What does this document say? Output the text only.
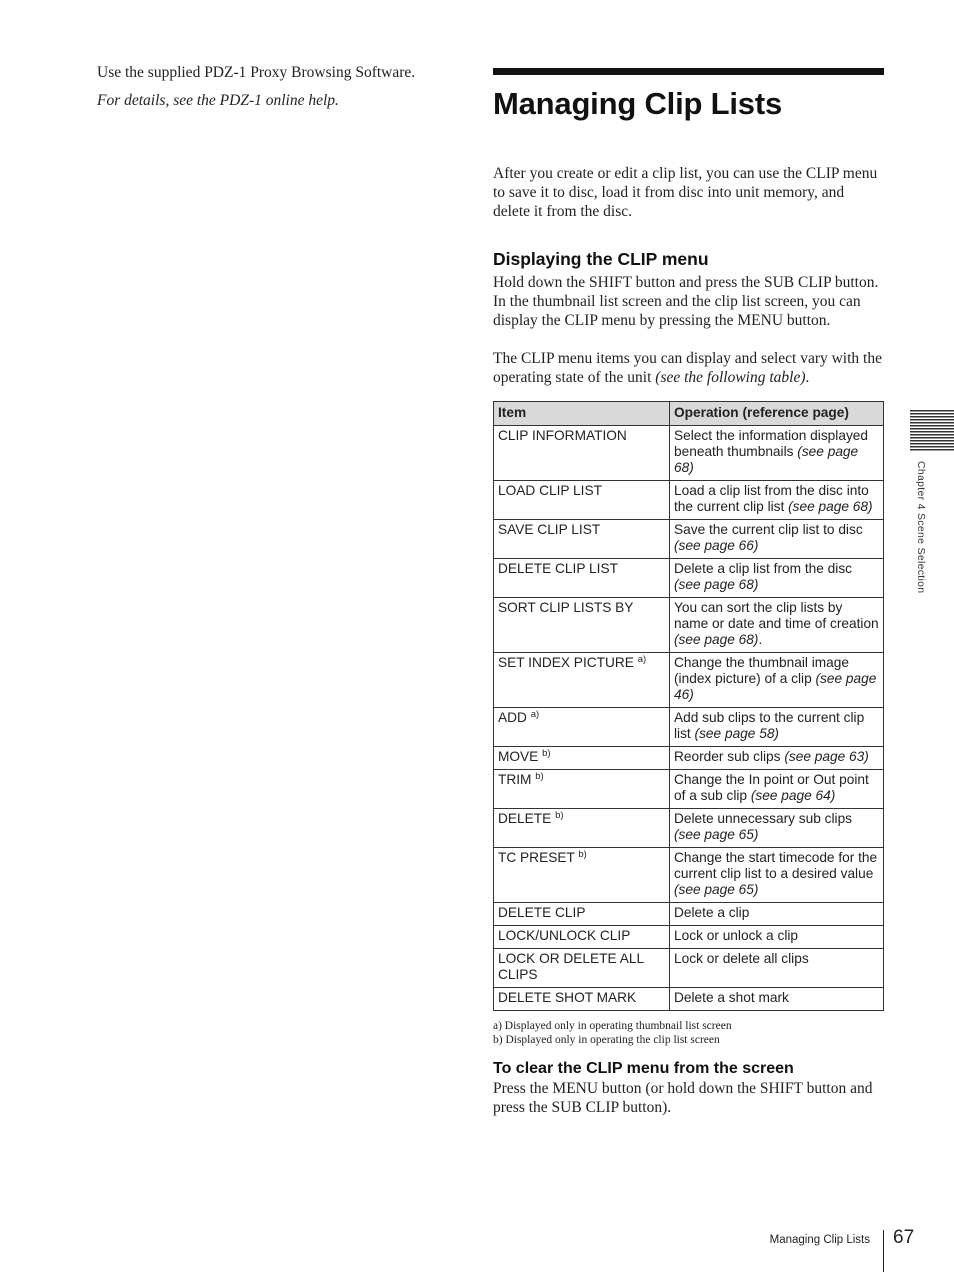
Use the supplied PDZ-1 Proxy Browsing Software.

For details, see the PDZ-1 online help.	Managing Clip Lists

After you create or edit a clip list, you can use the CLIP menu to save it to disc, load it from disc into unit memory, and delete it from the disc.

Displaying the CLIP menu

Hold down the SHIFT button and press the SUB CLIP button.

In the thumbnail list screen and the clip list screen, you can display the CLIP menu by pressing the MENU button.

The CLIP menu items you can display and select vary with the operating state of the unit (see the following table).

Item	Operation (reference page)
CLIP INFORMATION	Select the information displayed beneath thumbnails (see page 68)
LOAD CLIP LIST	Load a clip list from the disc into the current clip list (see page 68)
SAVE CLIP LIST	Save the current clip list to disc (see page 66)
DELETE CLIP LIST	Delete a clip list from the disc (see page 68)
SORT CLIP LISTS BY	You can sort the clip lists by name or date and time of creation (see page 68).
SET INDEX PICTURE $^{a)}$	Change the thumbnail image (index picture) of a clip (see page 46)
ADD $^{a)}$	Add sub clips to the current clip list (see page 58)
MOVE $^{b)}$	Reorder sub clips (see page 63)
TRIM $^{b)}$	Change the In point or Out point of a sub clip (see page 64)
DELETE $^{b)}$	Delete unnecessary sub clips (see page 65)
TC PRESET $^{b)}$	Change the start timecode for the current clip list to a desired value (see page 65)
DELETE CLIP	Delete a clip
LOCK/UNLOCK CLIP	Lock or unlock a clip
LOCK OR DELETE ALL CLIPS	Lock or delete all clips
DELETE SHOT MARK	Delete a shot mark
a) Displayed only in operating thumbnail list screen
b) Displayed only in operating the clip list screen
To clear the CLIP menu from the screen

Press the MENU button (or hold down the SHIFT button and press the SUB CLIP button).

Chapter 4 Scene Selection
Managing Clip Lists 67
